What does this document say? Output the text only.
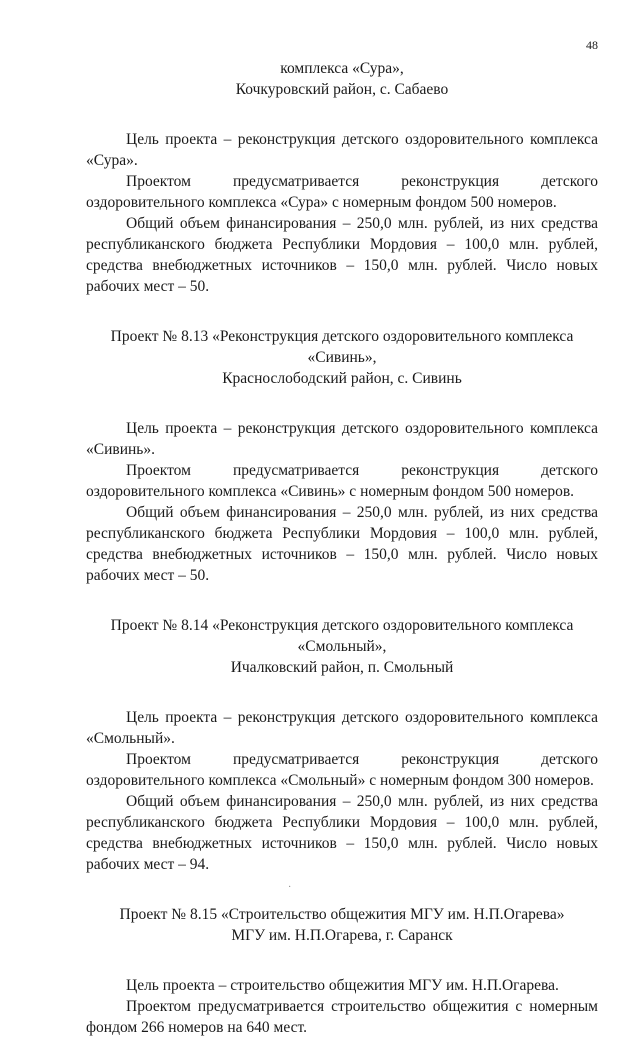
48

комплекса «Сура»,

Кочкуровский район, с. Сабаево

Цель проекта – реконструкция детского оздоровительного комплекса «Сура».

Проектом	предусматривается	реконструкция	детского

оздоровительного комплекса «Сура» с номерным фондом 500 номеров.

Общий объем финансирования – 250,0 млн. рублей, из них средства республиканского бюджета Республики Мордовия – 100,0 млн. рублей, средства внебюджетных источников – 150,0 млн. рублей. Число новых рабочих мест – 50.

Проект № 8.13 «Реконструкция детского оздоровительного комплекса

«Сивинь»,

Краснослободский район, с. Сивинь

Цель проекта – реконструкция детского оздоровительного комплекса «Сивинь».

Проектом	предусматривается	реконструкция	детского

оздоровительного комплекса «Сивинь» с номерным фондом 500 номеров.

Общий объем финансирования – 250,0 млн. рублей, из них средства республиканского бюджета Республики Мордовия – 100,0 млн. рублей, средства внебюджетных источников – 150,0 млн. рублей. Число новых рабочих мест – 50.

Проект № 8.14 «Реконструкция детского оздоровительного комплекса

«Смольный»,

Ичалковский район, п. Смольный

Цель проекта – реконструкция детского оздоровительного комплекса «Смольный».

Проектом	предусматривается	реконструкция	детского

оздоровительного комплекса «Смольный» с номерным фондом 300 номеров.

Общий объем финансирования – 250,0 млн. рублей, из них средства республиканского бюджета Республики Мордовия – 100,0 млн. рублей, средства внебюджетных источников – 150,0 млн. рублей. Число новых рабочих мест – 94.

Проект № 8.15 «Строительство общежития МГУ им. Н.П.Огарева»

МГУ им. Н.П.Огарева, г. Саранск

Цель проекта – строительство общежития МГУ им. Н.П.Огарева.

Проектом предусматривается строительство общежития с номерным фондом 266 номеров на 640 мест.

·
